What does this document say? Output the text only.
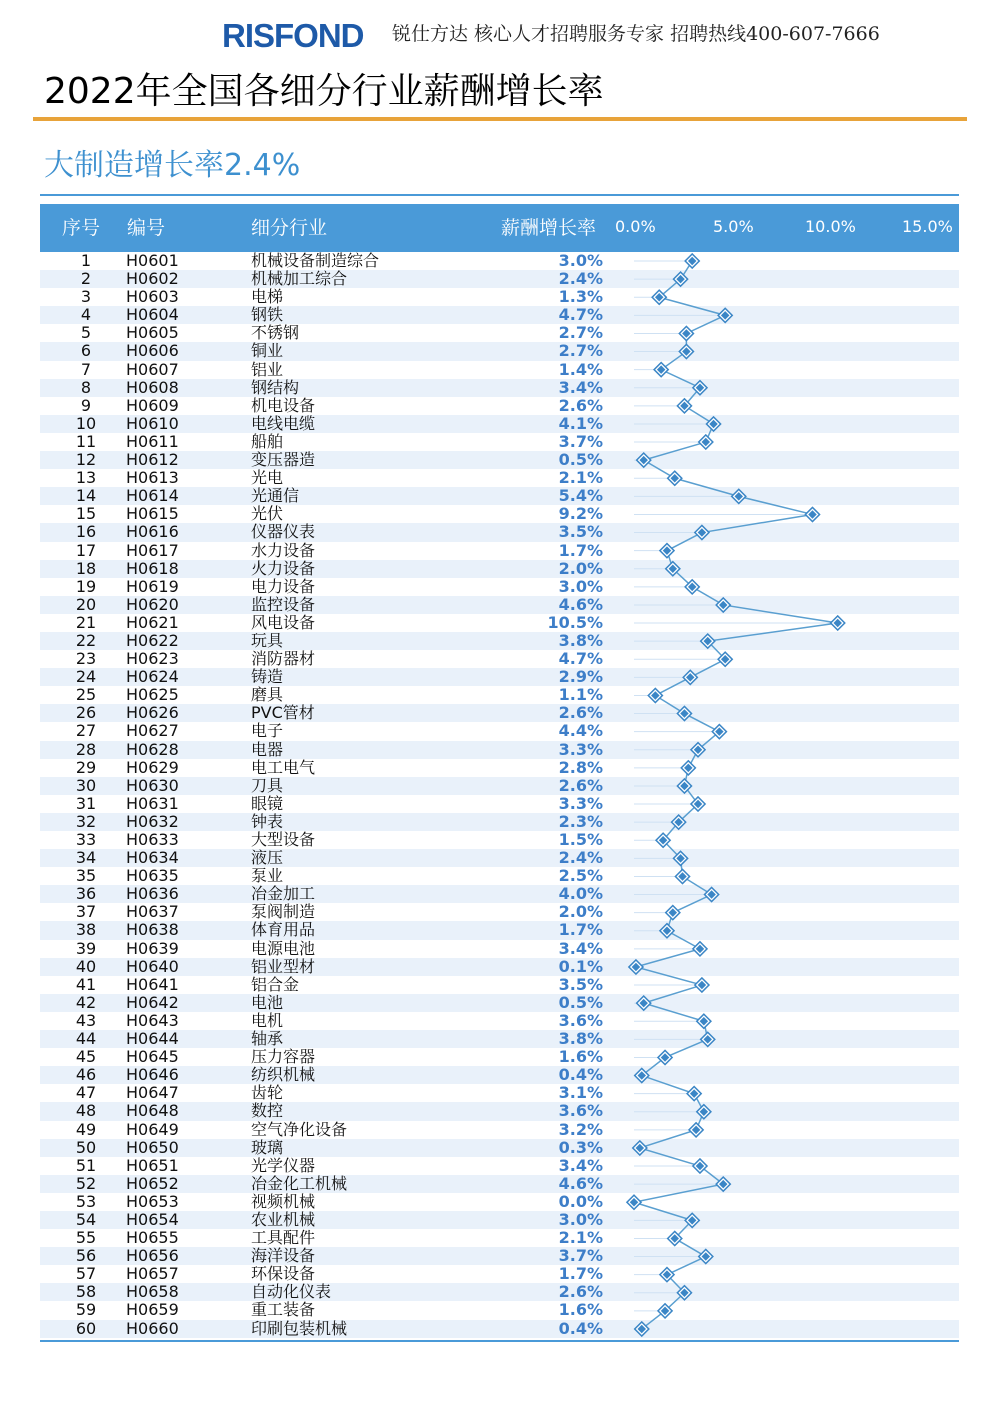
RISFOND 锐仕方达 核心人才招聘服务专家 招聘热线400-607-7666
2022年全国各细分行业薪酬增长率
大制造增长率2.4%
序号 编号	细分行业	薪酬增长率 0.0%	5.0%	10.0%	15.0%
1	H0601	机械设备制造综合	3.0%
2	H0602	机械加工综合	2.4%
3	H0603	电梯	1.3%
4	H0604	钢铁	4.7%
5	H0605	不锈钢	2.7%
6	H0606	铜业	2.7%
7	H0607	铝业	1.4%
8	H0608	钢结构	3.4%
9	H0609	机电设备	2.6%
10	H0610	电线电缆	4.1%
11	H0611	船舶	3.7%
12	H0612	变压器造	0.5%
13	H0613	光电	2.1%
14	H0614	光通信	5.4%
15	H0615	光伏	9.2%
16	H0616	仪器仪表	3.5%
17	H0617	水力设备	1.7%
18	H0618	火力设备	2.0%
19	H0619	电力设备	3.0%
20	H0620	监控设备	4.6%
21	H0621	风电设备	10.5%
22	H0622	玩具	3.8%
23	H0623	消防器材	4.7%
24	H0624	铸造	2.9%
25	H0625	磨具	1.1%
26	H0626	PVC管材	2.6%
27	H0627	电子	4.4%
28	H0628	电器	3.3%
29	H0629	电工电气	2.8%
30	H0630	刀具	2.6%
31	H0631	眼镜	3.3%
32	H0632	钟表	2.3%
33	H0633	大型设备	1.5%
34	H0634	液压	2.4%
35	H0635	泵业	2.5%
36	H0636	冶金加工	4.0%
37	H0637	泵阀制造	2.0%
38	H0638	体育用品	1.7%
39	H0639	电源电池	3.4%
40	H0640	铝业型材	0.1%
41	H0641	铝合金	3.5%
42	H0642	电池	0.5%
43	H0643	电机	3.6%
44	H0644	轴承	3.8%
45	H0645	压力容器	1.6%
46	H0646	纺织机械	0.4%
47	H0647	齿轮	3.1%
48	H0648	数控	3.6%
49	H0649	空气净化设备	3.2%
50	H0650	玻璃	0.3%
51	H0651	光学仪器	3.4%
52	H0652	冶金化工机械	4.6%
53	H0653	视频机械	0.0%
54	H0654	农业机械	3.0%
55	H0655	工具配件	2.1%
56	H0656	海洋设备	3.7%
57	H0657	环保设备	1.7%
58	H0658	自动化仪表	2.6%
59	H0659	重工装备	1.6%
60	H0660	印刷包装机械	0.4%
